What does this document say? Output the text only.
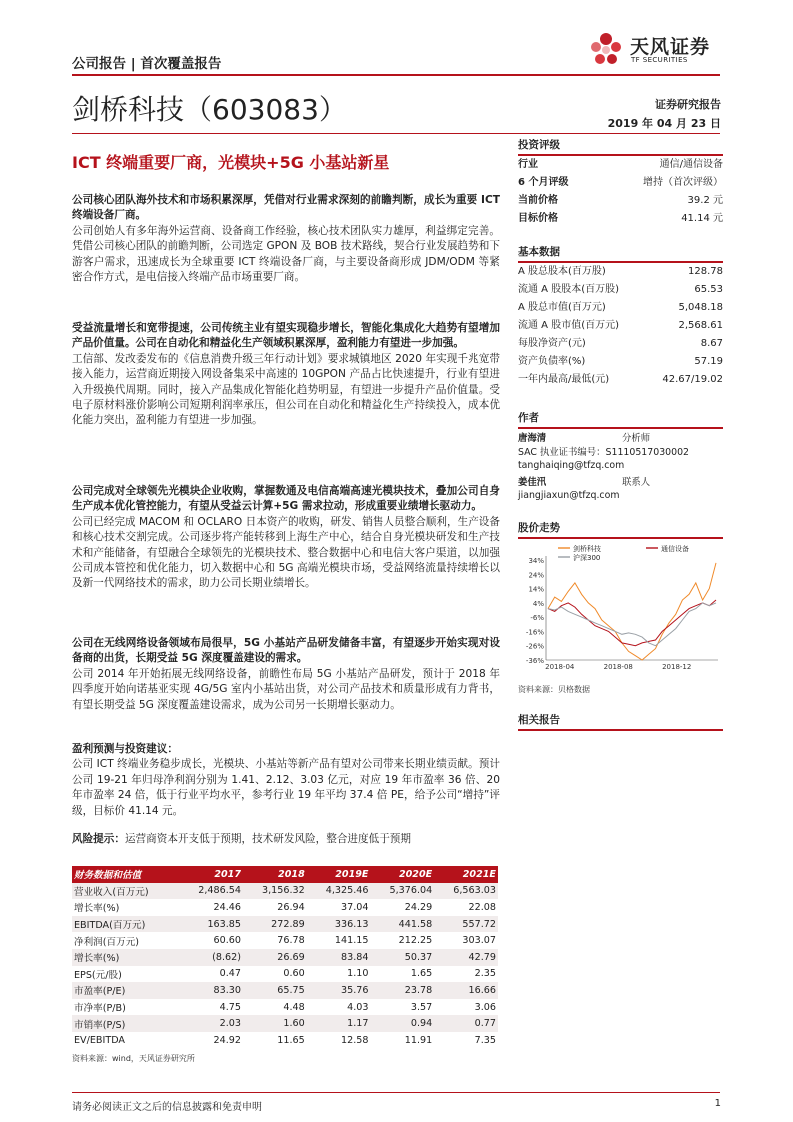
公司报告 | 首次覆盖报告
天风证券
TF SECURITIES
剑桥科技（603083）	证券研究报告
2019 年 04 月 23 日
ICT 终端重要厂商，光模块+5G 小基站新星

公司核心团队海外技术和市场积累深厚，凭借对行业需求深刻的前瞻判断，成长为重要 ICT 终端设备厂商。

公司创始人有多年海外运营商、设备商工作经验，核心技术团队实力雄厚，利益绑定完善。凭借公司核心团队的前瞻判断，公司选定 GPON 及 BOB 技术路线，契合行业发展趋势和下游客户需求，迅速成长为全球重要 ICT 终端设备厂商，与主要设备商形成 JDM/ODM 等紧密合作方式，是电信接入终端产品市场重要厂商。

受益流量增长和宽带提速，公司传统主业有望实现稳步增长，智能化集成化大趋势有望增加产品价值量。公司在自动化和精益化生产领域积累深厚，盈利能力有望进一步加强。

工信部、发改委发布的《信息消费升级三年行动计划》要求城镇地区 2020 年实现千兆宽带接入能力，运营商近期接入网设备集采中高速的 10GPON 产品占比快速提升，行业有望进入升级换代周期。同时，接入产品集成化智能化趋势明显，有望进一步提升产品价值量。受电子原材料涨价影响公司短期利润率承压，但公司在自动化和精益化生产持续投入，成本优化能力突出，盈利能力有望进一步加强。

公司完成对全球领先光模块企业收购，掌握数通及电信高端高速光模块技术，叠加公司自身生产成本优化管控能力，有望从受益云计算+5G 需求拉动，形成重要业绩增长驱动力。

公司已经完成 MACOM 和 OCLARO 日本资产的收购，研发、销售人员整合顺利，生产设备和核心技术交割完成。公司逐步将产能转移到上海生产中心，结合自身光模块研发和生产技术和产能储备，有望融合全球领先的光模块技术、整合数据中心和电信大客户渠道，以加强公司成本管控和优化能力，切入数据中心和 5G 高端光模块市场，受益网络流量持续增长以及新一代网络技术的需求，助力公司长期业绩增长。

公司在无线网络设备领域布局很早，5G 小基站产品研发储备丰富，有望逐步开始实现对设备商的出货，长期受益 5G 深度覆盖建设的需求。

公司 2014 年开始拓展无线网络设备，前瞻性布局 5G 小基站产品研发，预计于 2018 年四季度开始向诺基亚实现 4G/5G 室内小基站出货，对公司产品技术和质量形成有力背书，有望长期受益 5G 深度覆盖建设需求，成为公司另一长期增长驱动力。

盈利预测与投资建议：

公司 ICT 终端业务稳步成长，光模块、小基站等新产品有望对公司带来长期业绩贡献。预计公司 19-21 年归母净利润分别为 1.41、2.12、3.03 亿元，对应 19 年市盈率 36 倍、20 年市盈率 24 倍，低于行业平均水平，参考行业 19 年平均 37.4 倍 PE，给予公司“增持”评级，目标价 41.14 元。

风险提示：运营商资本开支低于预期，技术研发风险，整合进度低于预期
财务数据和估值	2017	2018	2019E	2020E	2021E
营业收入(百万元)	2,486.54	3,156.32	4,325.46	5,376.04	6,563.03
增长率(%)	24.46	26.94	37.04	24.29	22.08
EBITDA(百万元)	163.85	272.89	336.13	441.58	557.72
净利润(百万元)	60.60	76.78	141.15	212.25	303.07
增长率(%)	(8.62)	26.69	83.84	50.37	42.79
EPS(元/股)	0.47	0.60	1.10	1.65	2.35
市盈率(P/E)	83.30	65.75	35.76	23.78	16.66
市净率(P/B)	4.75	4.48	4.03	3.57	3.06
市销率(P/S)	2.03	1.60	1.17	0.94	0.77
EV/EBITDA	24.92	11.65	12.58	11.91	7.35
资料来源：wind，天风证券研究所
投资评级
行业	通信/通信设备
6 个月评级	增持（首次评级）
当前价格	39.2 元
目标价格	41.14 元
基本数据
A 股总股本(百万股)	128.78
流通 A 股股本(百万股)	65.53
A 股总市值(百万元)	5,048.18
流通 A 股市值(百万元)	2,568.61
每股净资产(元)	8.67
资产负债率(%)	57.19
一年内最高/最低(元)	42.67/19.02
作者
唐海清	分析师
SAC 执业证书编号：S1110517030002
tanghaiqing@tfzq.com
姜佳汛	联系人
jiangjiaxun@tfzq.com
股价走势
34%
24%
14%
4%
-6%
-16%
-26%
-36%
2018-04	2018-08	2018-12
剑桥科技	通信设备
沪深300
资料来源：贝格数据
相关报告
请务必阅读正文之后的信息披露和免责申明	1
